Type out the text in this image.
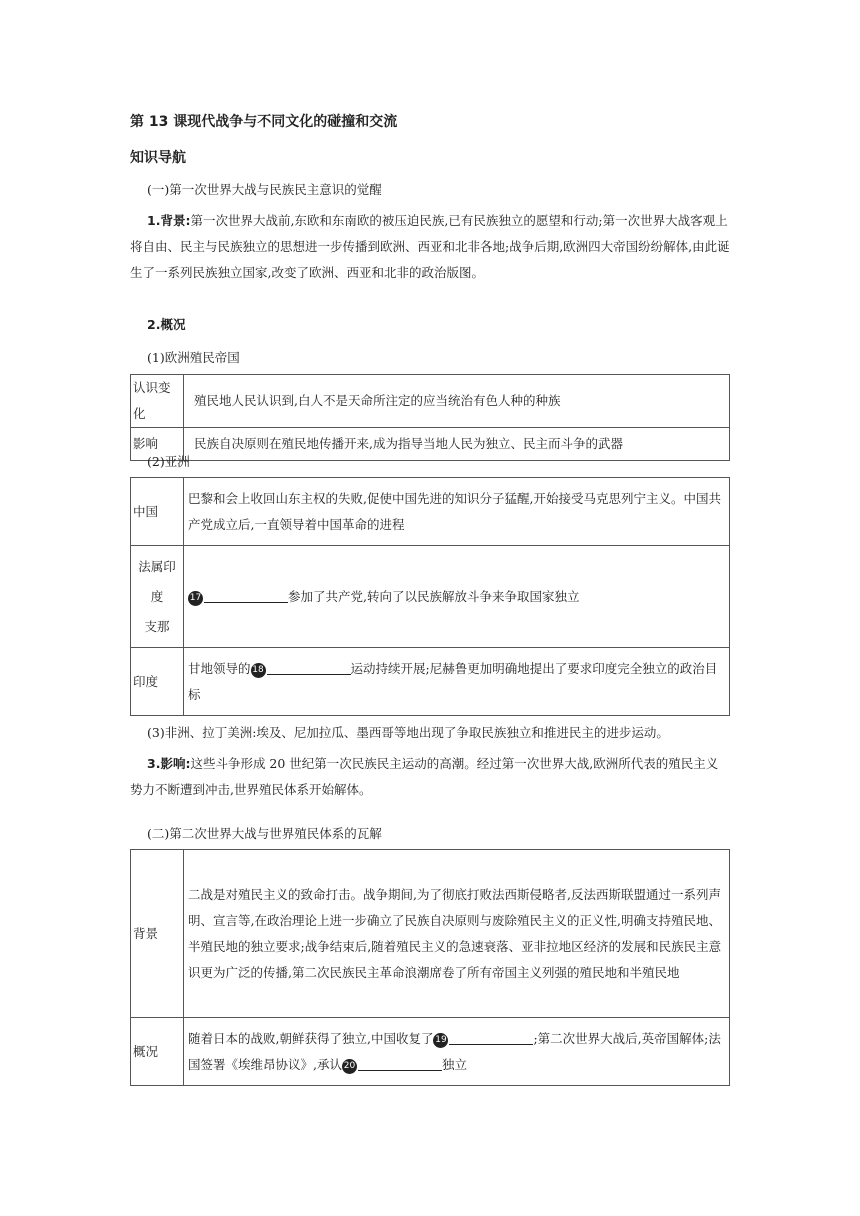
第 13 课现代战争与不同文化的碰撞和交流
知识导航
(一)第一次世界大战与民族民主意识的觉醒
1.背景:第一次世界大战前,东欧和东南欧的被压迫民族,已有民族独立的愿望和行动;第一次世界大战客观上将自由、民主与民族独立的思想进一步传播到欧洲、西亚和北非各地;战争后期,欧洲四大帝国纷纷解体,由此诞生了一系列民族独立国家,改变了欧洲、西亚和北非的政治版图。
2.概况
(1)欧洲殖民帝国
认识变化	殖民地人民认识到,白人不是天命所注定的应当统治有色人种的种族
影响	民族自决原则在殖民地传播开来,成为指导当地人民为独立、民主而斗争的武器
(2)亚洲
中国	巴黎和会上收回山东主权的失败,促使中国先进的知识分子猛醒,开始接受马克思列宁主义。中国共产党成立后,一直领导着中国革命的进程

法属印
度
支那	17 参加了共产党,转向了以民族解放斗争来争取国家独立
印度	甘地领导的 18 运动持续开展;尼赫鲁更加明确地提出了要求印度完全独立的政治目标
(3)非洲、拉丁美洲:埃及、尼加拉瓜、墨西哥等地出现了争取民族独立和推进民主的进步运动。
3.影响:这些斗争形成 20 世纪第一次民族民主运动的高潮。经过第一次世界大战,欧洲所代表的殖民主义势力不断遭到冲击,世界殖民体系开始解体。
(二)第二次世界大战与世界殖民体系的瓦解
背景	二战是对殖民主义的致命打击。战争期间,为了彻底打败法西斯侵略者,反法西斯联盟通过一系列声明、宣言等,在政治理论上进一步确立了民族自决原则与废除殖民主义的正义性,明确支持殖民地、半殖民地的独立要求;战争结束后,随着殖民主义的急速衰落、亚非拉地区经济的发展和民族民主意识更为广泛的传播,第二次民族民主革命浪潮席卷了所有帝国主义列强的殖民地和半殖民地
概况	随着日本的战败,朝鲜获得了独立,中国收复了 19 ;第二次世界大战后,英帝国解体;法国签署《埃维昂协议》,承认 20 独立
